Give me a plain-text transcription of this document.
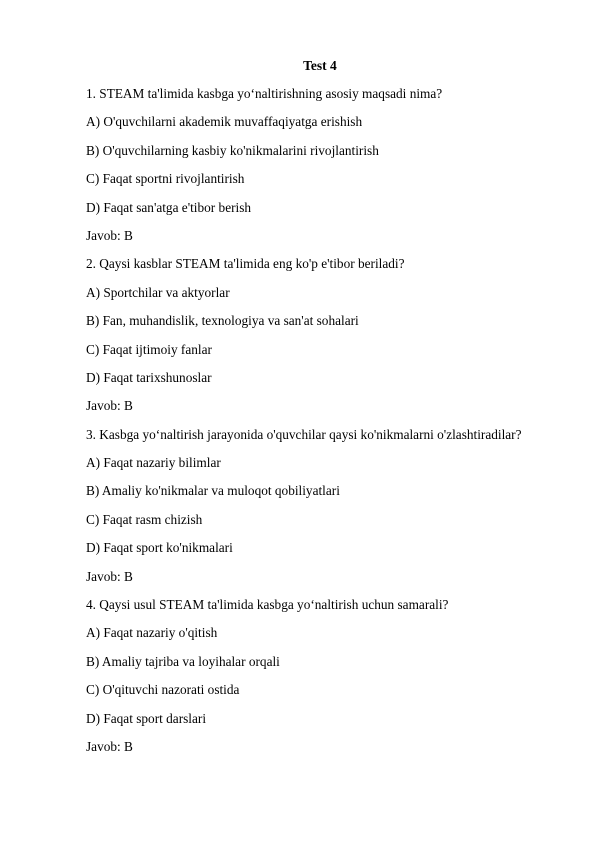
Test 4
1. STEAM ta'limida kasbga yo‘naltirishning asosiy maqsadi nima?
A) O'quvchilarni akademik muvaffaqiyatga erishish
B) O'quvchilarning kasbiy ko'nikmalarini rivojlantirish
C) Faqat sportni rivojlantirish
D) Faqat san'atga e'tibor berish
Javob: B
2. Qaysi kasblar STEAM ta'limida eng ko'p e'tibor beriladi?
A) Sportchilar va aktyorlar
B) Fan, muhandislik, texnologiya va san'at sohalari
C) Faqat ijtimoiy fanlar
D) Faqat tarixshunoslar
Javob: B
3. Kasbga yo‘naltirish jarayonida o'quvchilar qaysi ko'nikmalarni o'zlashtiradilar?
A) Faqat nazariy bilimlar
B) Amaliy ko'nikmalar va muloqot qobiliyatlari
C) Faqat rasm chizish
D) Faqat sport ko'nikmalari
Javob: B
4. Qaysi usul STEAM ta'limida kasbga yo‘naltirish uchun samarali?
A) Faqat nazariy o'qitish
B) Amaliy tajriba va loyihalar orqali
C) O'qituvchi nazorati ostida
D) Faqat sport darslari
Javob: B
